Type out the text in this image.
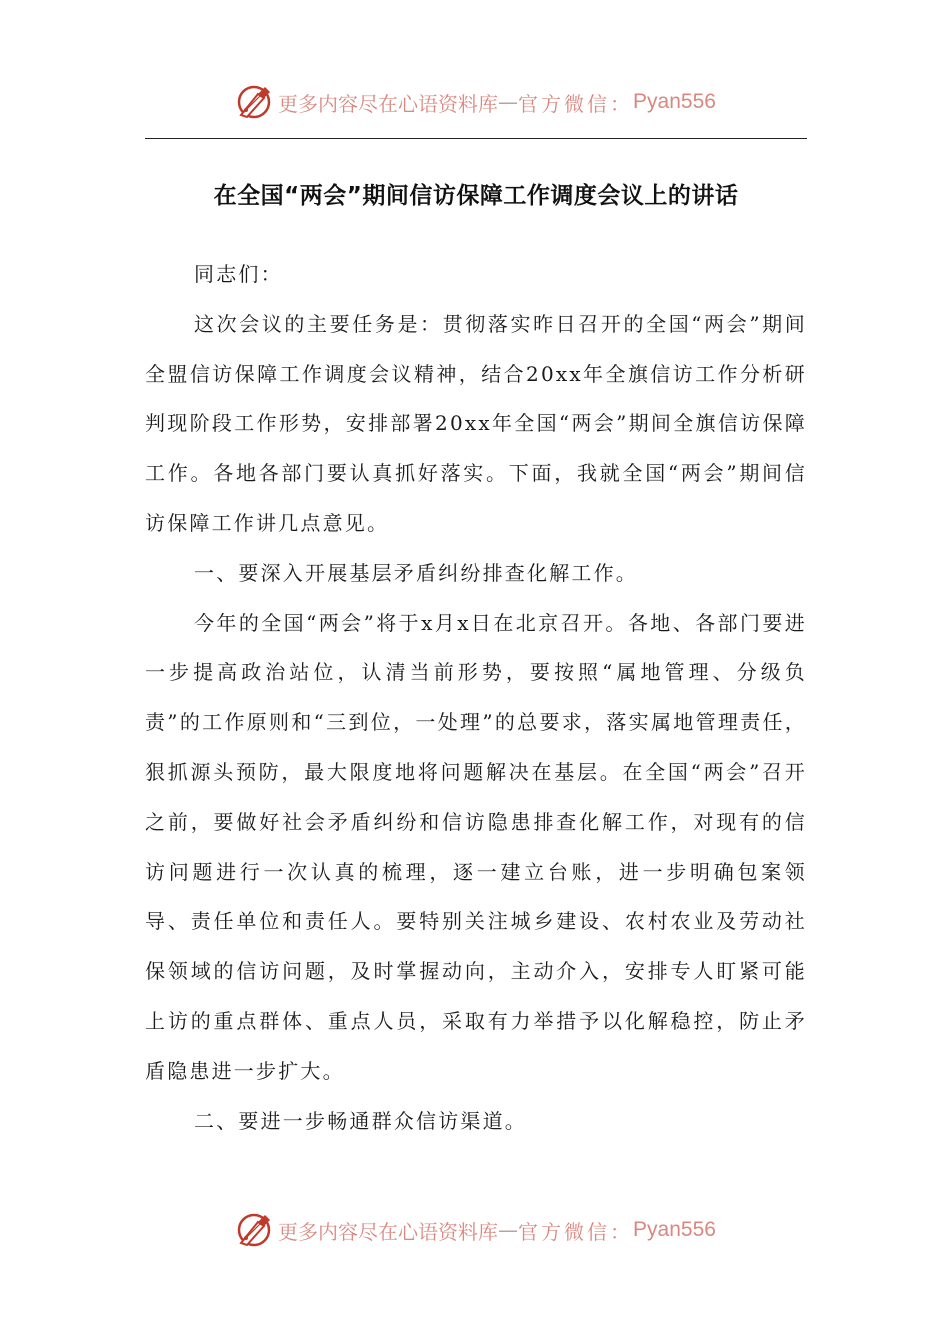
更多内容尽在心语资料库 — 官方微信： Pyan556
在全国“两会”期间信访保障工作调度会议上的讲话

同志们：

这次会议的主要任务是：贯彻落实昨日召开的全国“两会”期间全盟信访保障工作调度会议精神，结合20xx年全旗信访工作分析研判现阶段工作形势，安排部署20xx年全国“两会”期间全旗信访保障工作。各地各部门要认真抓好落实。下面，我就全国“两会”期间信访保障工作讲几点意见。

一、要深入开展基层矛盾纠纷排查化解工作。

今年的全国“两会”将于x月x日在北京召开。各地、各部门要进一步提高政治站位，认清当前形势，要按照“属地管理、分级负责”的工作原则和“三到位，一处理”的总要求，落实属地管理责任，狠抓源头预防，最大限度地将问题解决在基层。在全国“两会”召开之前，要做好社会矛盾纠纷和信访隐患排查化解工作，对现有的信访问题进行一次认真的梳理，逐一建立台账，进一步明确包案领导、责任单位和责任人。要特别关注城乡建设、农村农业及劳动社保领域的信访问题，及时掌握动向，主动介入，安排专人盯紧可能上访的重点群体、重点人员，采取有力举措予以化解稳控，防止矛盾隐患进一步扩大。

二、要进一步畅通群众信访渠道。

更多内容尽在心语资料库 — 官方微信： Pyan556
